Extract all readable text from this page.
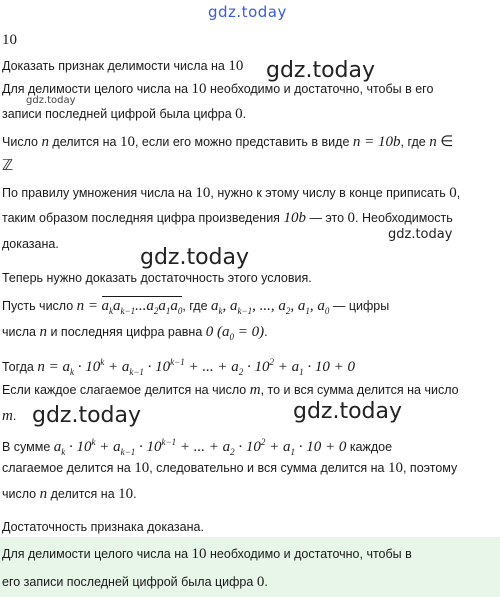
gdz.today
10
Доказать признак делимости числа на 10 gdz.today
Для делимости целого числа на 10 необходимо и достаточно, чтобы в его
gdz.today
записи последней цифрой была цифра 0.
Число n делится на 10, если его можно представить в виде n = 10b, где n ∈
ℤ
По правилу умножения числа на 10, нужно к этому числу в конце приписать 0,
таким образом последняя цифра произведения 10b — это 0. Необходимость
gdz.today
доказана.
gdz.today
Теперь нужно доказать достаточность этого условия.
Пусть число $n = a_ka_{k-1}...a_2a_1a_0$, где $a_k$, $a_{k-1}$, ..., $a_2$, $a_1$, $a_0$ — цифры
числа n и последняя цифра равна 0 $(a_0 = 0)$.
Тогда $n = a_k \cdot 10^k + a_{k-1} \cdot 10^{k-1}$ + ... + $a_2 \cdot 10^2 + a_1 \cdot 10 + 0$
Если каждое слагаемое делится на число m, то и вся сумма делится на число
m. gdz.today	gdz.today
В сумме $a_k \cdot 10^k + a_{k-1} \cdot 10^{k-1}$ + ... + $a_2 \cdot 10^2 + a_1 \cdot 10 + 0$ каждое
слагаемое делится на 10, следовательно и вся сумма делится на 10, поэтому
число n делится на 10.
Достаточность признака доказана.
Для делимости целого числа на 10 необходимо и достаточно, чтобы в
его записи последней цифрой была цифра 0.
